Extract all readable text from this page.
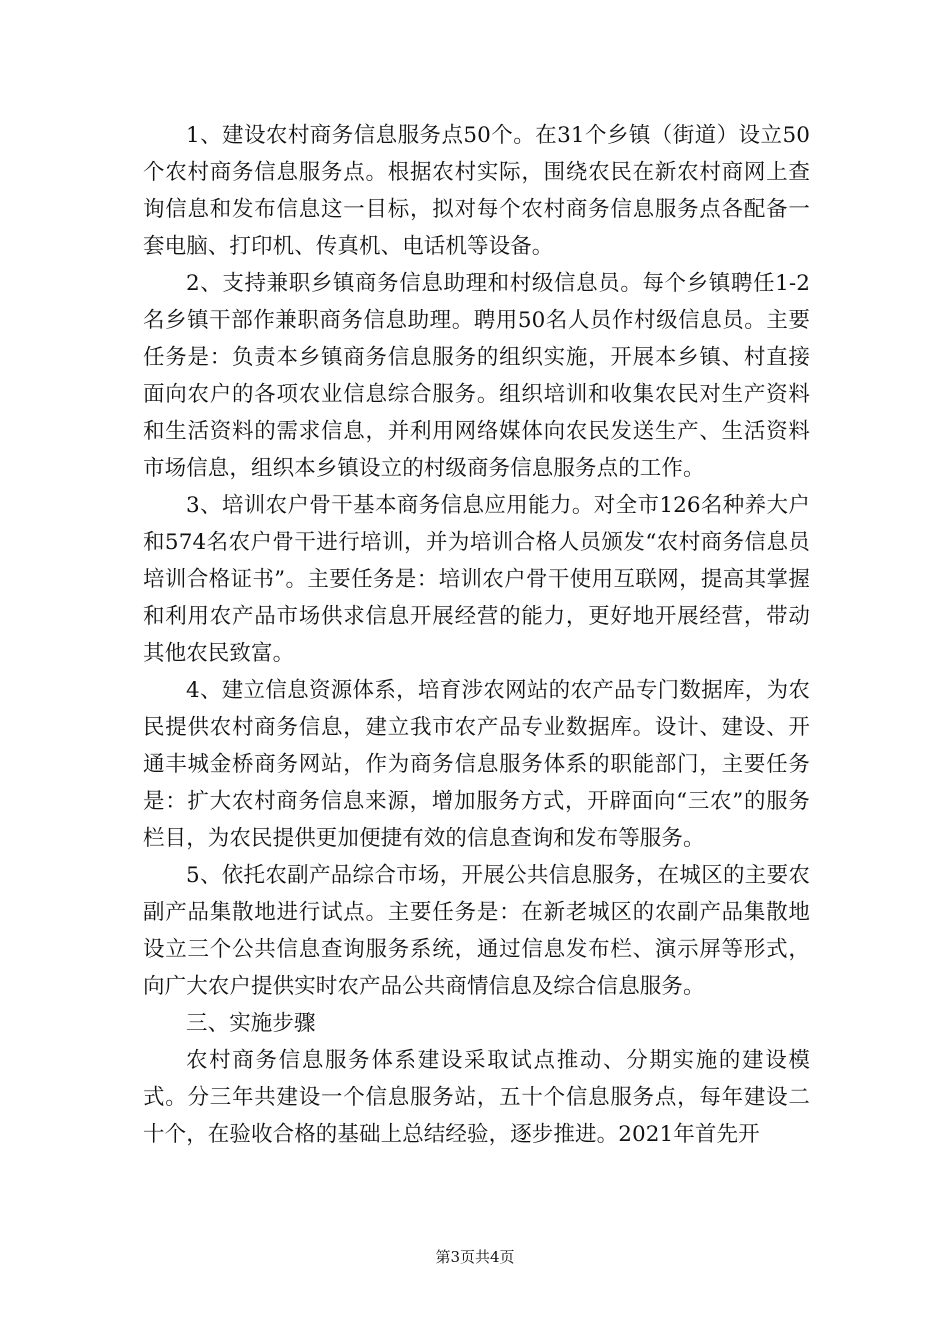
1、建设农村商务信息服务点50个。在31个乡镇（街道）设立50个农村商务信息服务点。根据农村实际，围绕农民在新农村商网上查询信息和发布信息这一目标，拟对每个农村商务信息服务点各配备一套电脑、打印机、传真机、电话机等设备。

2、支持兼职乡镇商务信息助理和村级信息员。每个乡镇聘任1-2名乡镇干部作兼职商务信息助理。聘用50名人员作村级信息员。主要任务是：负责本乡镇商务信息服务的组织实施，开展本乡镇、村直接面向农户的各项农业信息综合服务。组织培训和收集农民对生产资料和生活资料的需求信息，并利用网络媒体向农民发送生产、生活资料市场信息，组织本乡镇设立的村级商务信息服务点的工作。

3、培训农户骨干基本商务信息应用能力。对全市126名种养大户和574名农户骨干进行培训，并为培训合格人员颁发“农村商务信息员培训合格证书”。主要任务是：培训农户骨干使用互联网，提高其掌握和利用农产品市场供求信息开展经营的能力，更好地开展经营，带动其他农民致富。

4、建立信息资源体系，培育涉农网站的农产品专门数据库，为农民提供农村商务信息，建立我市农产品专业数据库。设计、建设、开通丰城金桥商务网站，作为商务信息服务体系的职能部门，主要任务是：扩大农村商务信息来源，增加服务方式，开辟面向“三农”的服务栏目，为农民提供更加便捷有效的信息查询和发布等服务。

5、依托农副产品综合市场，开展公共信息服务，在城区的主要农副产品集散地进行试点。主要任务是：在新老城区的农副产品集散地设立三个公共信息查询服务系统，通过信息发布栏、演示屏等形式，向广大农户提供实时农产品公共商情信息及综合信息服务。

三、实施步骤

农村商务信息服务体系建设采取试点推动、分期实施的建设模式。分三年共建设一个信息服务站，五十个信息服务点，每年建设二十个，在验收合格的基础上总结经验，逐步推进。2021年首先开

第3页共4页
